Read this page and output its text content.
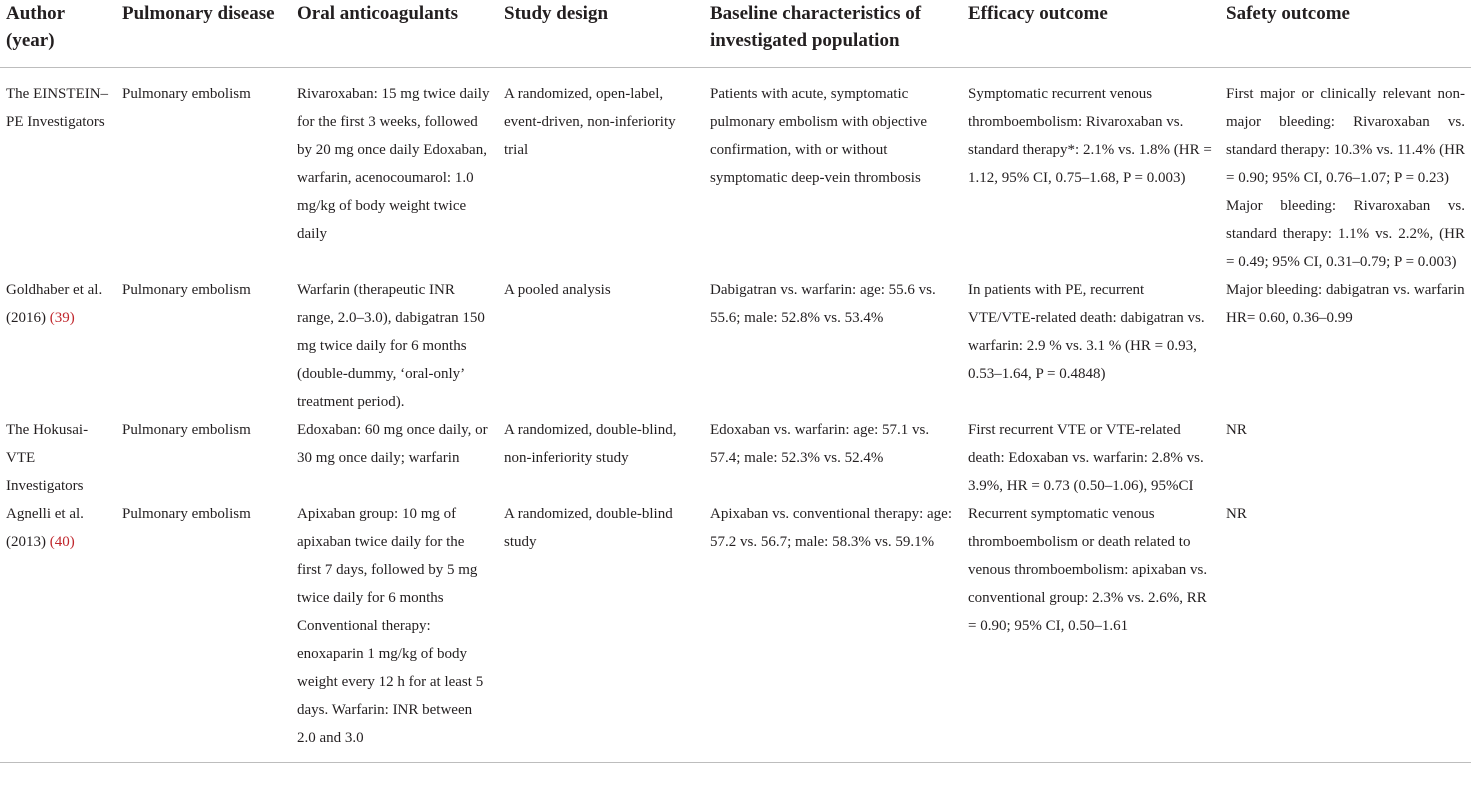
Author (year)	Pulmonary disease	Oral anticoagulants	Study design	Baseline characteristics of investigated population	Efficacy outcome	Safety outcome
The EINSTEIN–PE Investigators	Pulmonary embolism	Rivaroxaban: 15 mg twice daily for the first 3 weeks, followed by 20 mg once daily Edoxaban, warfarin, acenocoumarol: 1.0 mg/kg of body weight twice daily	A randomized, open-label, event-driven, non-inferiority trial	Patients with acute, symptomatic pulmonary embolism with objective confirmation, with or without symptomatic deep-vein thrombosis	Symptomatic recurrent venous thromboembolism: Rivaroxaban vs. standard therapy*: 2.1% vs. 1.8% (HR = 1.12, 95% CI, 0.75–1.68, P = 0.003)	First major or clinically relevant non-major bleeding: Rivaroxaban vs. standard therapy: 10.3% vs. 11.4% (HR = 0.90; 95% CI, 0.76–1.07; P = 0.23)
Major bleeding: Rivaroxaban vs. standard therapy: 1.1% vs. 2.2%, (HR = 0.49; 95% CI, 0.31–0.79; P = 0.003)

Goldhaber et al. (2016) (39)	Pulmonary embolism	Warfarin (therapeutic INR range, 2.0–3.0), dabigatran 150 mg twice daily for 6 months (double-dummy, ‘oral-only’ treatment period).	A pooled analysis	Dabigatran vs. warfarin: age: 55.6 vs. 55.6; male: 52.8% vs. 53.4%	In patients with PE, recurrent VTE/VTE-related death: dabigatran vs. warfarin: 2.9 % vs. 3.1 % (HR = 0.93, 0.53–1.64, P = 0.4848)	Major bleeding: dabigatran vs. warfarin HR= 0.60, 0.36–0.99
The Hokusai-VTE Investigators	Pulmonary embolism	Edoxaban: 60 mg once daily, or 30 mg once daily; warfarin	A randomized, double-blind, non-inferiority study	Edoxaban vs. warfarin: age: 57.1 vs. 57.4; male: 52.3% vs. 52.4%	First recurrent VTE or VTE-related death: Edoxaban vs. warfarin: 2.8% vs. 3.9%, HR = 0.73 (0.50–1.06), 95%CI	NR
Agnelli et al. (2013) (40)	Pulmonary embolism	Apixaban group: 10 mg of apixaban twice daily for the first 7 days, followed by 5 mg twice daily for 6 months Conventional therapy: enoxaparin 1 mg/kg of body weight every 12 h for at least 5 days. Warfarin: INR between 2.0 and 3.0	A randomized, double-blind study	Apixaban vs. conventional therapy: age: 57.2 vs. 56.7; male: 58.3% vs. 59.1%	Recurrent symptomatic venous thromboembolism or death related to venous thromboembolism: apixaban vs. conventional group: 2.3% vs. 2.6%, RR = 0.90; 95% CI, 0.50–1.61	NR
